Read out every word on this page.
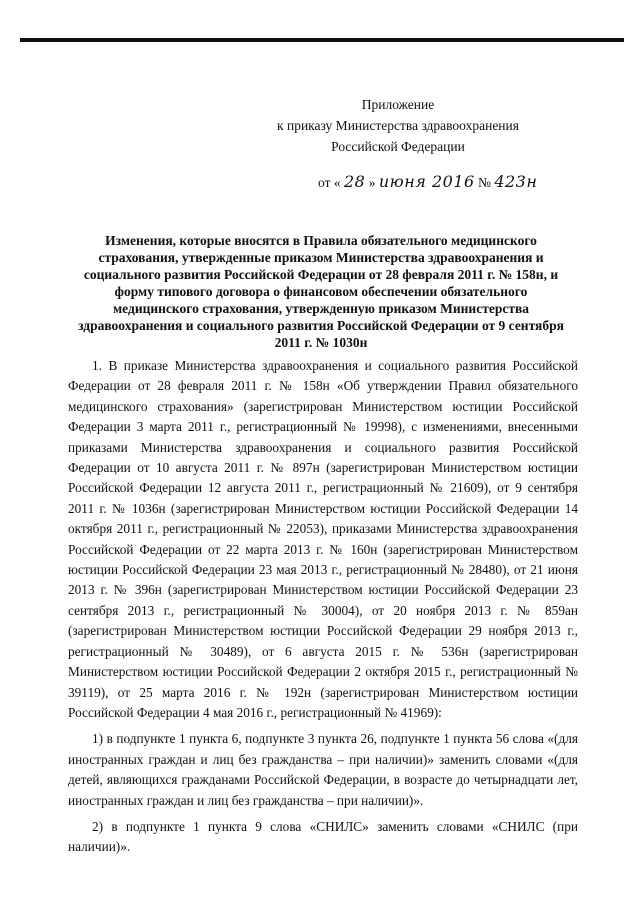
Приложение
к приказу Министерства здравоохранения
Российской Федерации
от « 28 » июня 2016 № 423н
Изменения, которые вносятся в Правила обязательного медицинского страхования, утвержденные приказом Министерства здравоохранения и социального развития Российской Федерации от 28 февраля 2011 г. № 158н, и форму типового договора о финансовом обеспечении обязательного медицинского страхования, утвержденную приказом Министерства здравоохранения и социального развития Российской Федерации от 9 сентября 2011 г. № 1030н

1. В приказе Министерства здравоохранения и социального развития Российской Федерации от 28 февраля 2011 г. № 158н «Об утверждении Правил обязательного медицинского страхования» (зарегистрирован Министерством юстиции Российской Федерации 3 марта 2011 г., регистрационный № 19998), с изменениями, внесенными приказами Министерства здравоохранения и социального развития Российской Федерации от 10 августа 2011 г. № 897н (зарегистрирован Министерством юстиции Российской Федерации 12 августа 2011 г., регистрационный № 21609), от 9 сентября 2011 г. № 1036н (зарегистрирован Министерством юстиции Российской Федерации 14 октября 2011 г., регистрационный № 22053), приказами Министерства здравоохранения Российской Федерации от 22 марта 2013 г. № 160н (зарегистрирован Министерством юстиции Российской Федерации 23 мая 2013 г., регистрационный № 28480), от 21 июня 2013 г. № 396н (зарегистрирован Министерством юстиции Российской Федерации 23 сентября 2013 г., регистрационный № 30004), от 20 ноября 2013 г. № 859ан (зарегистрирован Министерством юстиции Российской Федерации 29 ноября 2013 г., регистрационный № 30489), от 6 августа 2015 г. № 536н (зарегистрирован Министерством юстиции Российской Федерации 2 октября 2015 г., регистрационный № 39119), от 25 марта 2016 г. № 192н (зарегистрирован Министерством юстиции Российской Федерации 4 мая 2016 г., регистрационный № 41969):

1) в подпункте 1 пункта 6, подпункте 3 пункта 26, подпункте 1 пункта 56 слова «(для иностранных граждан и лиц без гражданства – при наличии)» заменить словами «(для детей, являющихся гражданами Российской Федерации, в возрасте до четырнадцати лет, иностранных граждан и лиц без гражданства – при наличии)».

2) в подпункте 1 пункта 9 слова «СНИЛС» заменить словами «СНИЛС (при наличии)».
